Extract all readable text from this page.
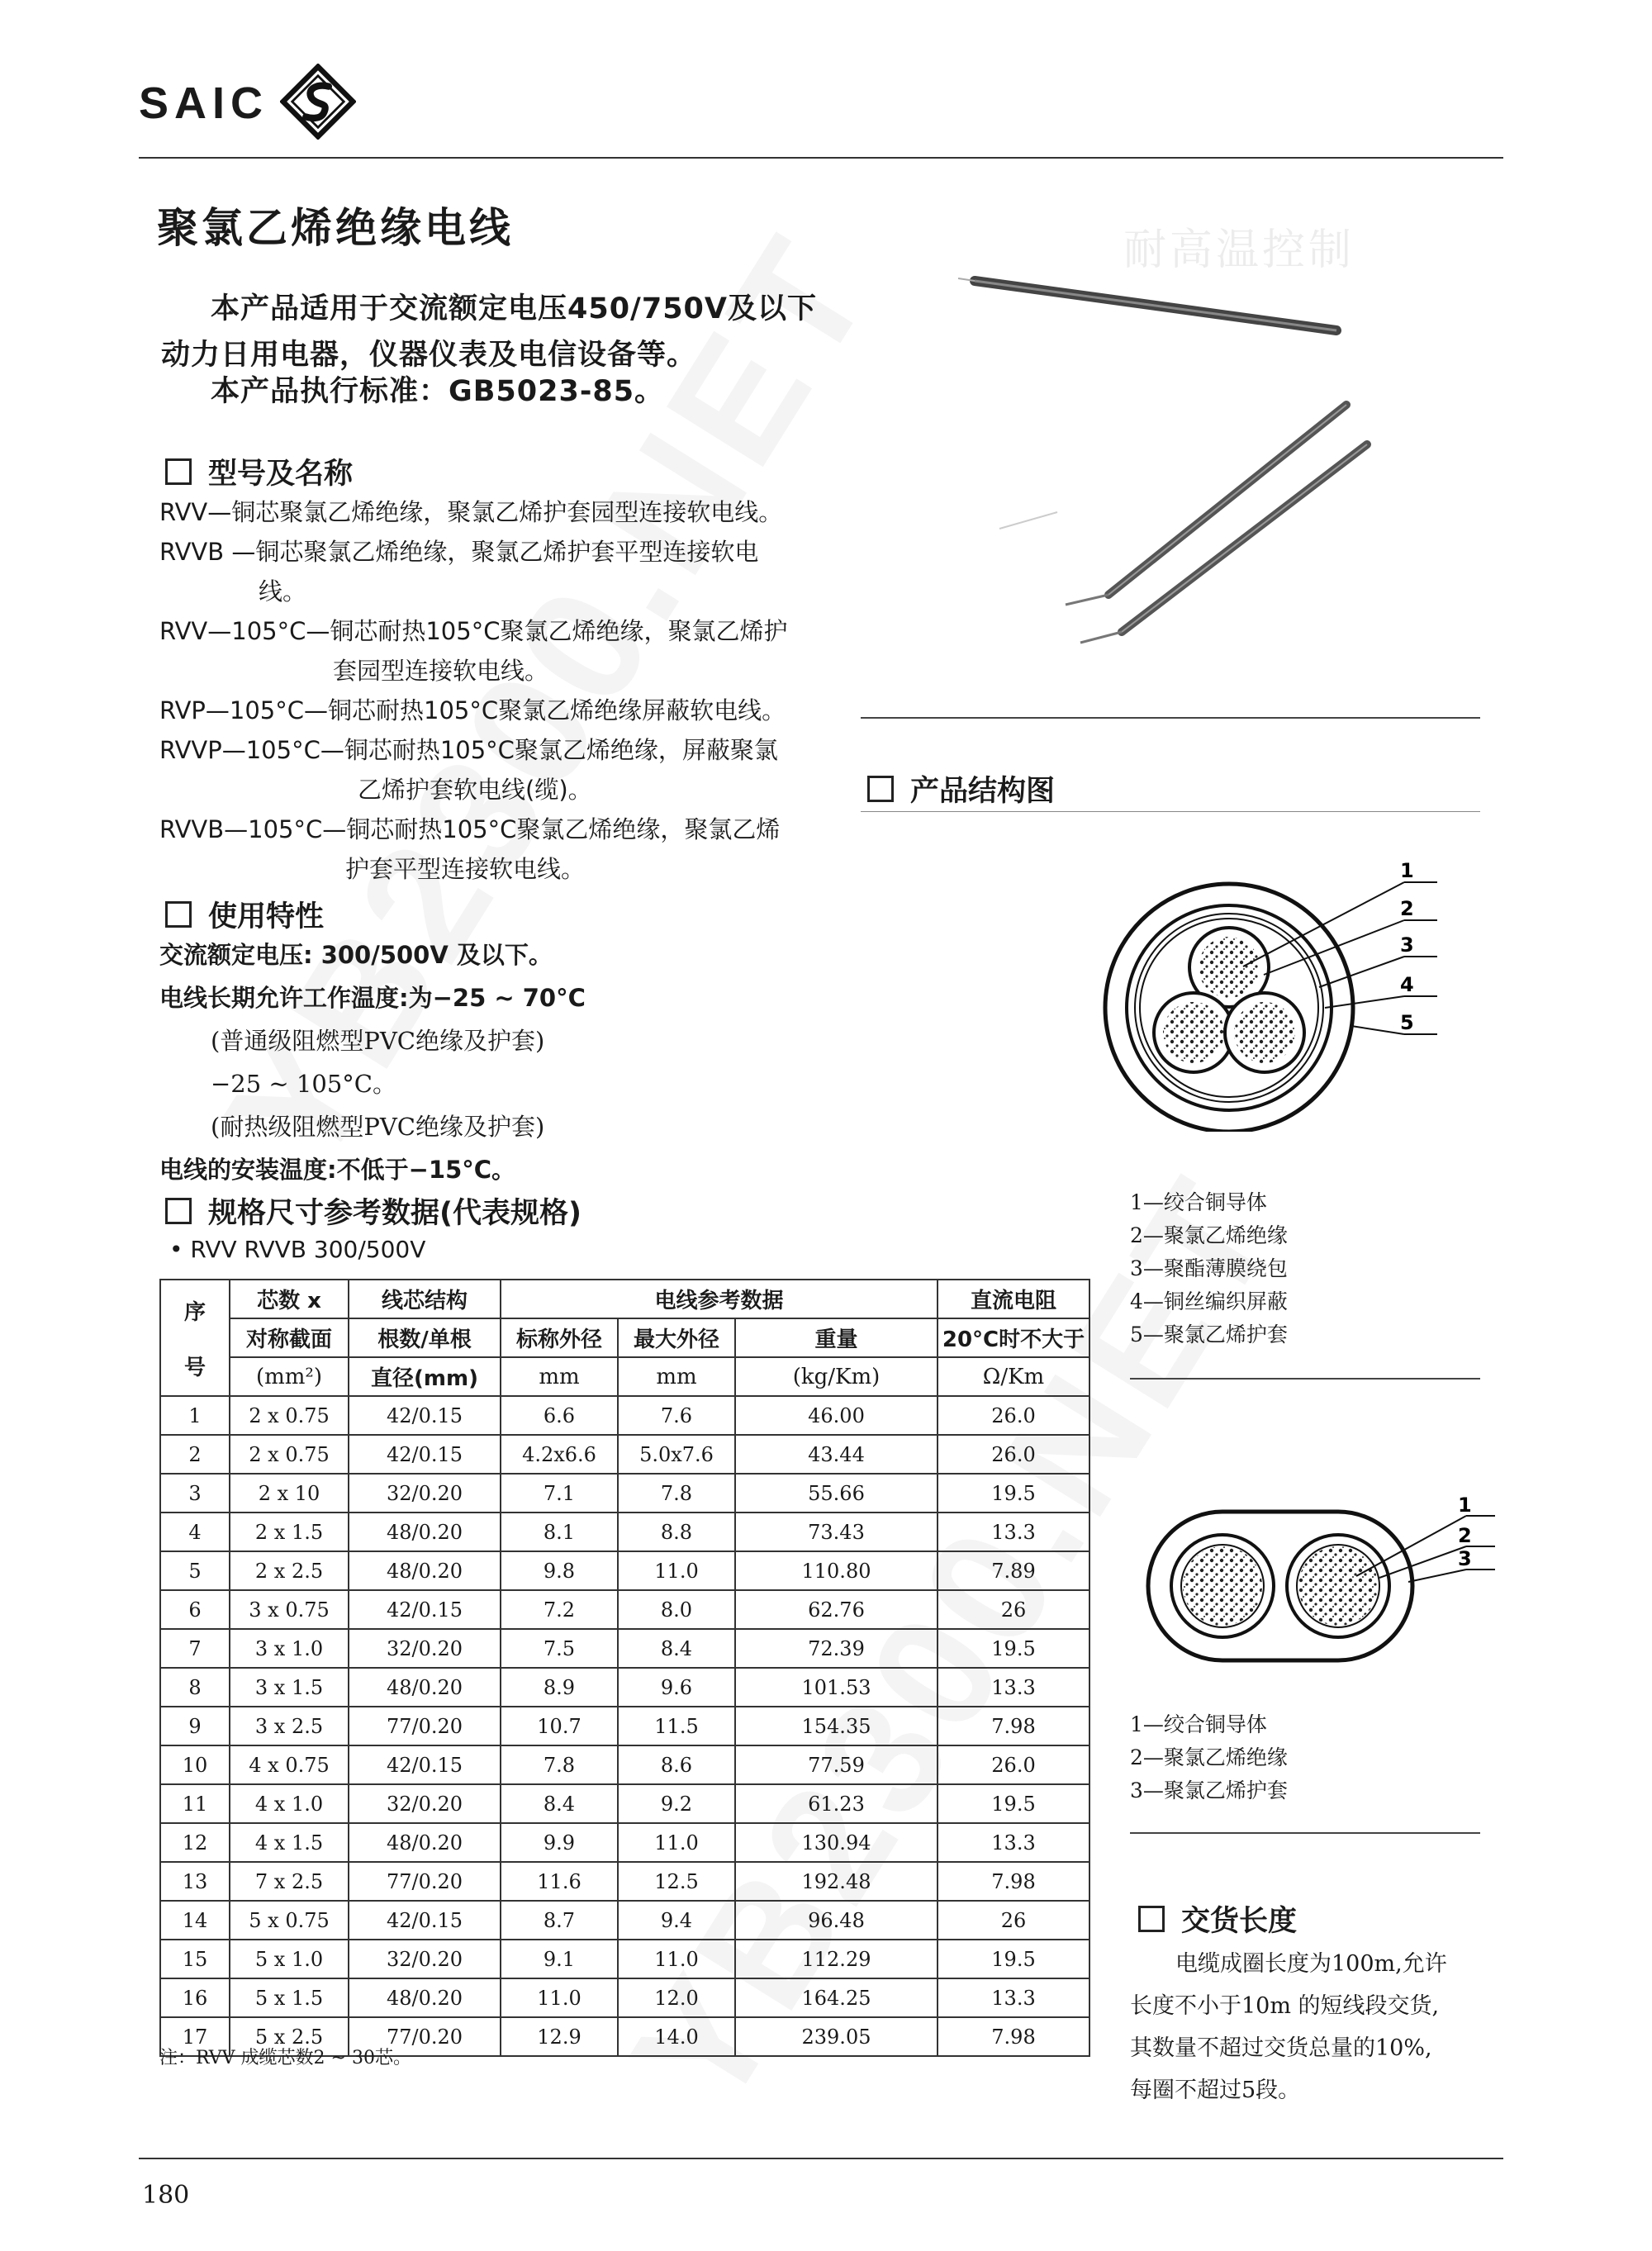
SAIC
聚氯乙烯绝缘电线	耐高温控制
本产品适用于交流额定电压450/750V及以下
动力日用电器，仪器仪表及电信设备等。
本产品执行标准：GB5023-85。
型号及名称
RVV—铜芯聚氯乙烯绝缘，聚氯乙烯护套园型连接软电线。
RVVB —铜芯聚氯乙烯绝缘，聚氯乙烯护套平型连接软电
线。
RVV—105°C—铜芯耐热105°C聚氯乙烯绝缘，聚氯乙烯护
套园型连接软电线。
RVP—105°C—铜芯耐热105°C聚氯乙烯绝缘屏蔽软电线。
RVVP—105°C—铜芯耐热105°C聚氯乙烯绝缘，屏蔽聚氯
乙烯护套软电线(缆)。
RVVB—105°C—铜芯耐热105°C聚氯乙烯绝缘，聚氯乙烯
护套平型连接软电线。
使用特性
交流额定电压: 300/500V 及以下。
电线长期允许工作温度:为−25 ~ 70°C
(普通级阻燃型PVC绝缘及护套)
−25 ~ 105°C。
(耐热级阻燃型PVC绝缘及护套)
电线的安装温度:不低于−15°C。
规格尺寸参考数据(代表规格)
• RVV RVVB 300/500V
序

号	芯数 x	线芯结构	电线参考数据			直流电阻
	对称截面	根数/单根	标称外径	最大外径	重量	20°C时不大于
	(mm²)	直径(mm)	mm	mm	(kg/Km)	Ω/Km
1	2 x 0.75	42/0.15	6.6	7.6	46.00	26.0
2	2 x 0.75	42/0.15	4.2x6.6	5.0x7.6	43.44	26.0
3	2 x 10	32/0.20	7.1	7.8	55.66	19.5
4	2 x 1.5	48/0.20	8.1	8.8	73.43	13.3
5	2 x 2.5	48/0.20	9.8	11.0	110.80	7.89
6	3 x 0.75	42/0.15	7.2	8.0	62.76	26
7	3 x 1.0	32/0.20	7.5	8.4	72.39	19.5
8	3 x 1.5	48/0.20	8.9	9.6	101.53	13.3
9	3 x 2.5	77/0.20	10.7	11.5	154.35	7.98
10	4 x 0.75	42/0.15	7.8	8.6	77.59	26.0
11	4 x 1.0	32/0.20	8.4	9.2	61.23	19.5
12	4 x 1.5	48/0.20	9.9	11.0	130.94	13.3
13	7 x 2.5	77/0.20	11.6	12.5	192.48	7.98
14	5 x 0.75	42/0.15	8.7	9.4	96.48	26
15	5 x 1.0	32/0.20	9.1	11.0	112.29	19.5
16	5 x 1.5	48/0.20	11.0	12.0	164.25	13.3
17	5 x 2.5	77/0.20	12.9	14.0	239.05	7.98
注：RVV 成缆芯数2 ~ 30芯。
产品结构图
1
2
3
4
5
1—绞合铜导体
2—聚氯乙烯绝缘
3—聚酯薄膜绕包
4—铜丝编织屏蔽
5—聚氯乙烯护套
1
2
3
1—绞合铜导体
2—聚氯乙烯绝缘
3—聚氯乙烯护套
交货长度
电缆成圈长度为100m,允许
长度不小于10m 的短线段交货,
其数量不超过交货总量的10%,
每圈不超过5段。
180
